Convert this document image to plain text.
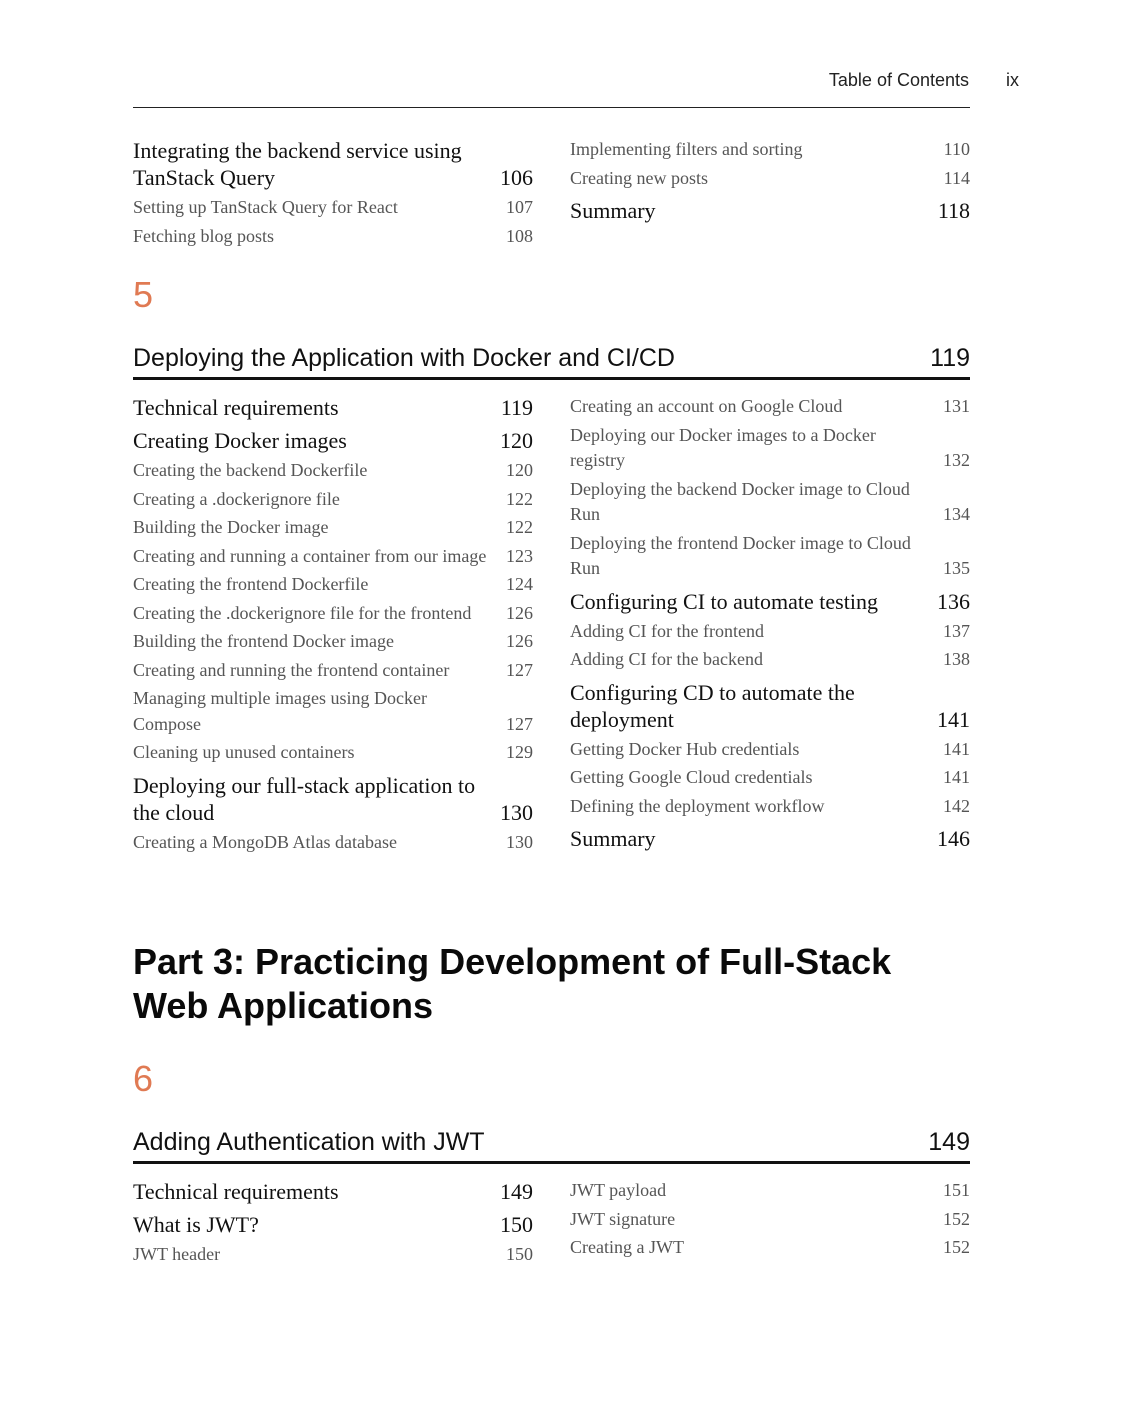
Table of Contents ix
Integrating the backend service using TanStack Query	106
Setting up TanStack Query for React	107
Fetching blog posts	108
Implementing filters and sorting	110
Creating new posts	114
Summary	118
5
Deploying the Application with Docker and CI/CD	119
Technical requirements	119
Creating Docker images	120
Creating the backend Dockerfile	120
Creating a .dockerignore file	122
Building the Docker image	122
Creating and running a container from our image	123
Creating the frontend Dockerfile	124
Creating the .dockerignore file for the frontend	126
Building the frontend Docker image	126
Creating and running the frontend container	127
Managing multiple images using Docker Compose	127
Cleaning up unused containers	129
Deploying our full-stack application to the cloud	130
Creating a MongoDB Atlas database	130
Creating an account on Google Cloud	131
Deploying our Docker images to a Docker registry	132
Deploying the backend Docker image to Cloud Run	134
Deploying the frontend Docker image to Cloud Run	135
Configuring CI to automate testing	136
Adding CI for the frontend	137
Adding CI for the backend	138
Configuring CD to automate the deployment	141
Getting Docker Hub credentials	141
Getting Google Cloud credentials	141
Defining the deployment workflow	142
Summary	146
Part 3: Practicing Development of Full-Stack Web Applications
6
Adding Authentication with JWT	149
Technical requirements	149
What is JWT?	150
JWT header	150
JWT payload	151
JWT signature	152
Creating a JWT	152
